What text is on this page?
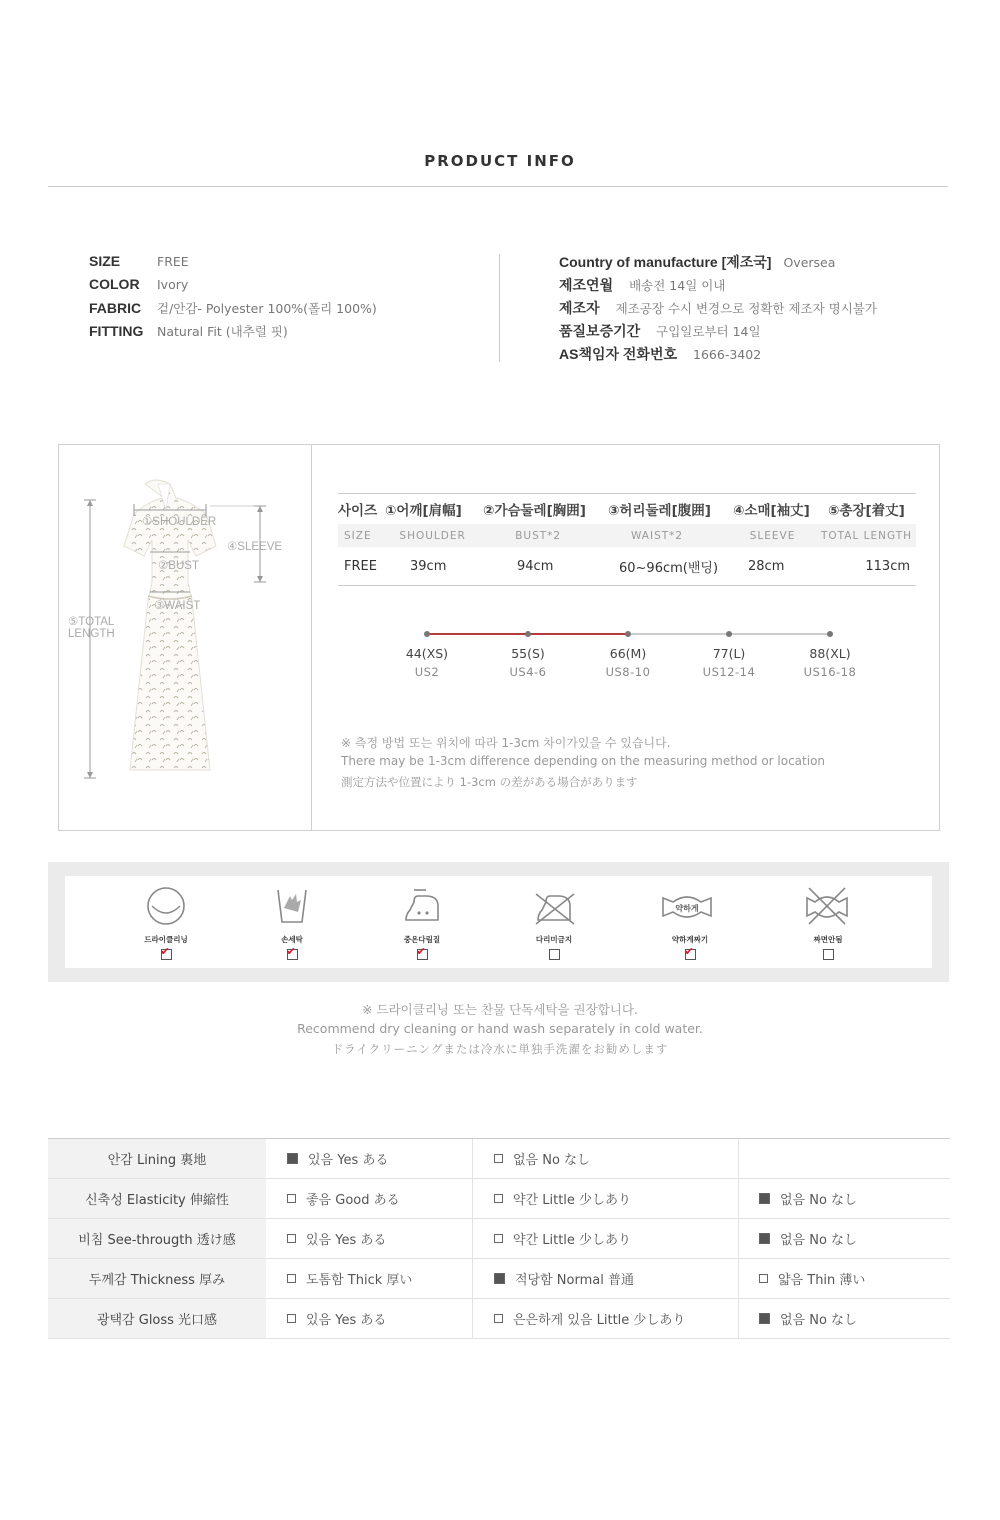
PRODUCT INFO
SIZE	FREE
COLOR Ivory
FABRIC 겉/안감- Polyester 100%(폴리 100%)
FITTING Natural Fit (내추럴 핏)
Country of manufacture [제조국] Oversea
제조연월 배송전 14일 이내
제조자 제조공장 수시 변경으로 정확한 제조자 명시불가
품질보증기간 구입일로부터 14일
AS책임자 전화번호 1666-3402
①SHOULDER
②BUST
③WAIST
④SLEEVE
⑤TOTAL
LENGTH
사이즈 ①어깨[肩幅]	②가슴둘레[胸囲]	③허리둘레[腹囲]	④소매[袖丈]	⑤총장[着丈]
SIZE	SHOULDER	BUST*2	WAIST*2	SLEEVE	TOTAL LENGTH
FREE	39cm	94cm	60~96cm(밴딩)	28cm	113cm
44(XS)	55(S)	66(M)	77(L)	88(XL)
US2	US4-6	US8-10	US12-14	US16-18
※ 측정 방법 또는 위치에 따라 1-3cm 차이가있을 수 있습니다.
There may be 1-3cm difference depending on the measuring method or location
測定方法や位置により 1-3cm の差がある場合があります
드라이클리닝
✔	손세탁
✔	중온다림질
✔	다리미금지
약하게
약하게짜기
✔	짜면안됨
※ 드라이클리닝 또는 찬물 단독세탁을 권장합니다.
Recommend dry cleaning or hand wash separately in cold water.
ドライクリーニングまたは冷水に単独手洗濯をお勧めします
안감 Lining 裏地	있음 Yes ある	없음 No なし
신축성 Elasticity 伸縮性	좋음 Good ある	약간 Little 少しあり	없음 No なし
비침 See-througth 透け感	있음 Yes ある	약간 Little 少しあり	없음 No なし
두께감 Thickness 厚み	도톰함 Thick 厚い	적당함 Normal 普通	얇음 Thin 薄い
광택감 Gloss 光口感	있음 Yes ある	은은하게 있음 Little 少しあり	없음 No なし
